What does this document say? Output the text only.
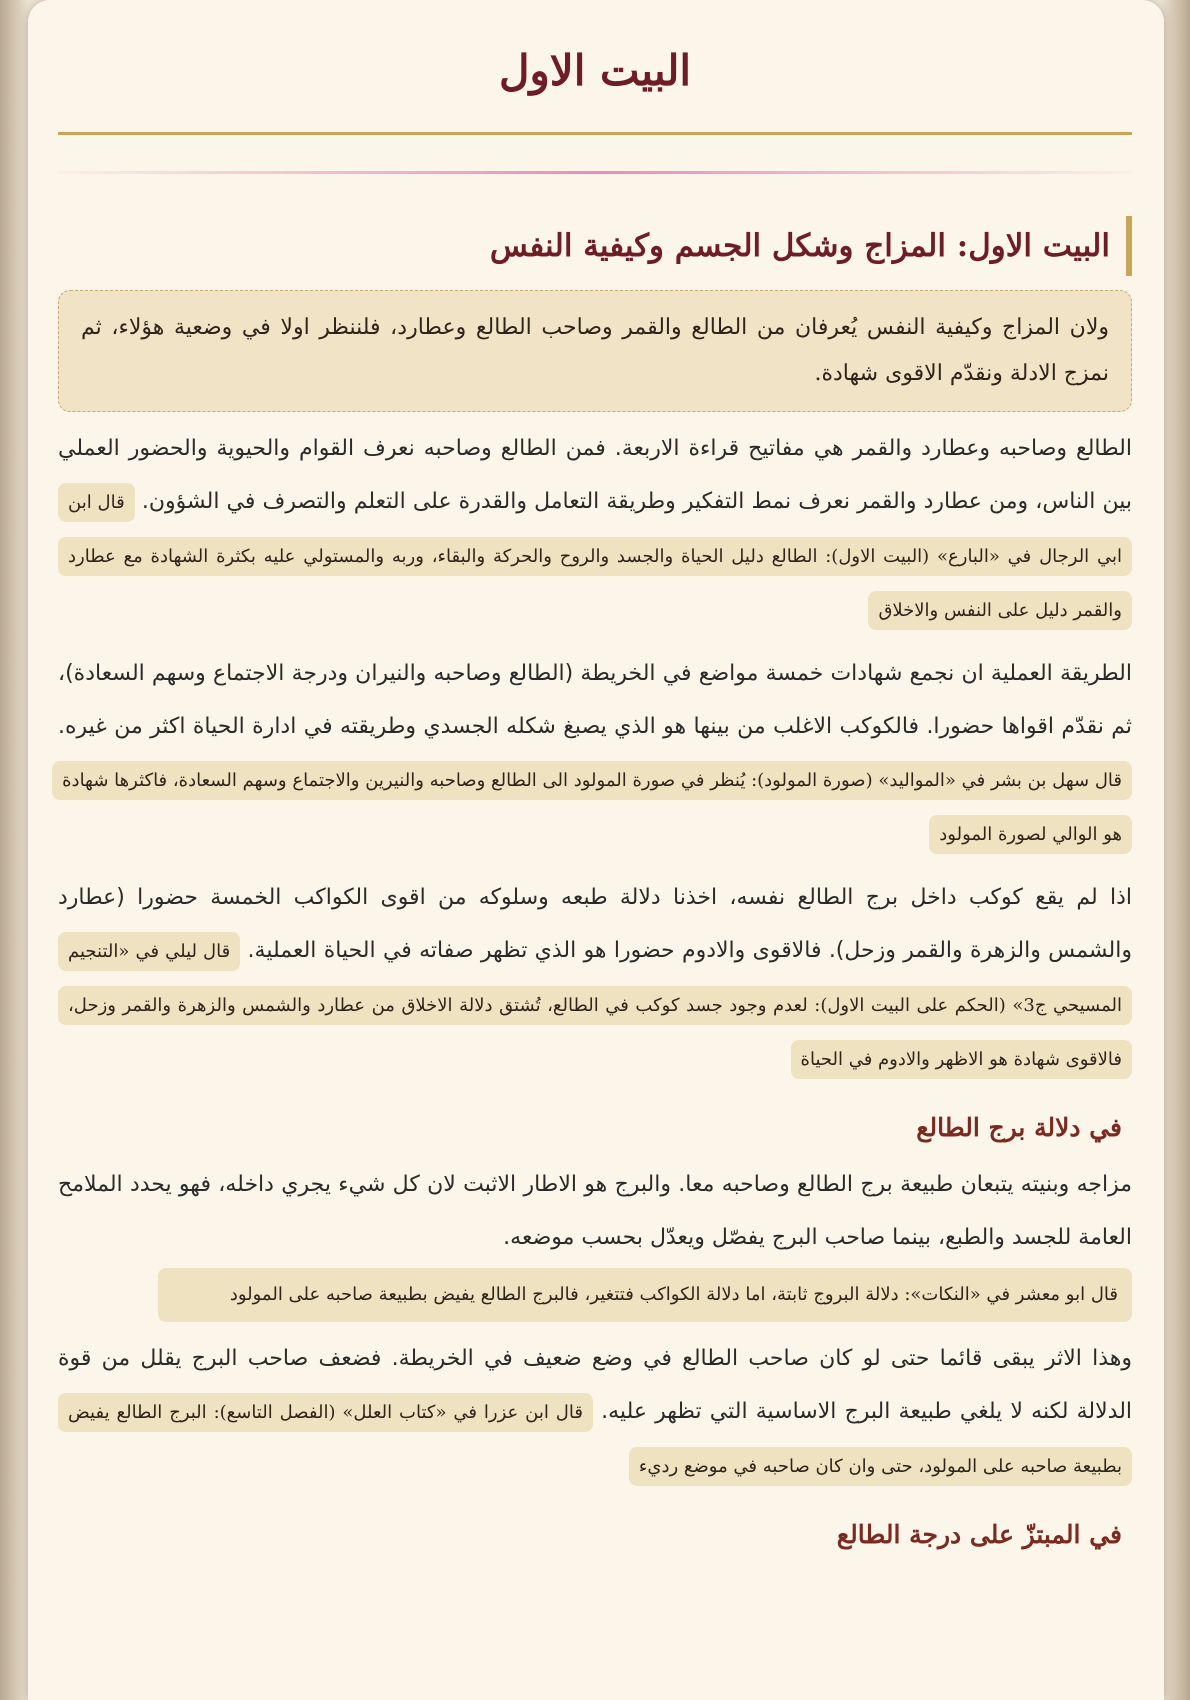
البيت الاول
البيت الاول: المزاج وشكل الجسم وكيفية النفس
ولان المزاج وكيفية النفس يُعرفان من الطالع والقمر وصاحب الطالع وعطارد، فلننظر اولا في وضعية هؤلاء، ثم نمزج الادلة ونقدّم الاقوى شهادة.
الطالع وصاحبه وعطارد والقمر هي مفاتيح قراءة الاربعة. فمن الطالع وصاحبه نعرف القوام والحيوية والحضور العملي بين الناس، ومن عطارد والقمر نعرف نمط التفكير وطريقة التعامل والقدرة على التعلم والتصرف في الشؤون. قال ابن ابي الرجال في «البارع» (البيت الاول): الطالع دليل الحياة والجسد والروح والحركة والبقاء، وربه والمستولي عليه بكثرة الشهادة مع عطارد والقمر دليل على النفس والاخلاق
الطريقة العملية ان نجمع شهادات خمسة مواضع في الخريطة (الطالع وصاحبه والنيران ودرجة الاجتماع وسهم السعادة)، ثم نقدّم اقواها حضورا. فالكوكب الاغلب من بينها هو الذي يصبغ شكله الجسدي وطريقته في ادارة الحياة اكثر من غيره. قال سهل بن بشر في «المواليد» (صورة المولود): يُنظر في صورة المولود الى الطالع وصاحبه والنيرين والاجتماع وسهم السعادة، فاكثرها شهادة هو الوالي لصورة المولود
اذا لم يقع كوكب داخل برج الطالع نفسه، اخذنا دلالة طبعه وسلوكه من اقوى الكواكب الخمسة حضورا (عطارد والشمس والزهرة والقمر وزحل). فالاقوى والادوم حضورا هو الذي تظهر صفاته في الحياة العملية. قال ليلي في «التنجيم المسيحي ج3» (الحكم على البيت الاول): لعدم وجود جسد كوكب في الطالع، تُشتق دلالة الاخلاق من عطارد والشمس والزهرة والقمر وزحل، فالاقوى شهادة هو الاظهر والادوم في الحياة
في دلالة برج الطالع
مزاجه وبنيته يتبعان طبيعة برج الطالع وصاحبه معا. والبرج هو الاطار الاثبت لان كل شيء يجري داخله، فهو يحدد الملامح العامة للجسد والطبع، بينما صاحب البرج يفصّل ويعدّل بحسب موضعه.
قال ابو معشر في «النكات»: دلالة البروج ثابتة، اما دلالة الكواكب فتتغير، فالبرج الطالع يفيض بطبيعة صاحبه على المولود
وهذا الاثر يبقى قائما حتى لو كان صاحب الطالع في وضع ضعيف في الخريطة. فضعف صاحب البرج يقلل من قوة الدلالة لكنه لا يلغي طبيعة البرج الاساسية التي تظهر عليه. قال ابن عزرا في «كتاب العلل» (الفصل التاسع): البرج الطالع يفيض بطبيعة صاحبه على المولود، حتى وان كان صاحبه في موضع رديء
في المبتزّ على درجة الطالع
